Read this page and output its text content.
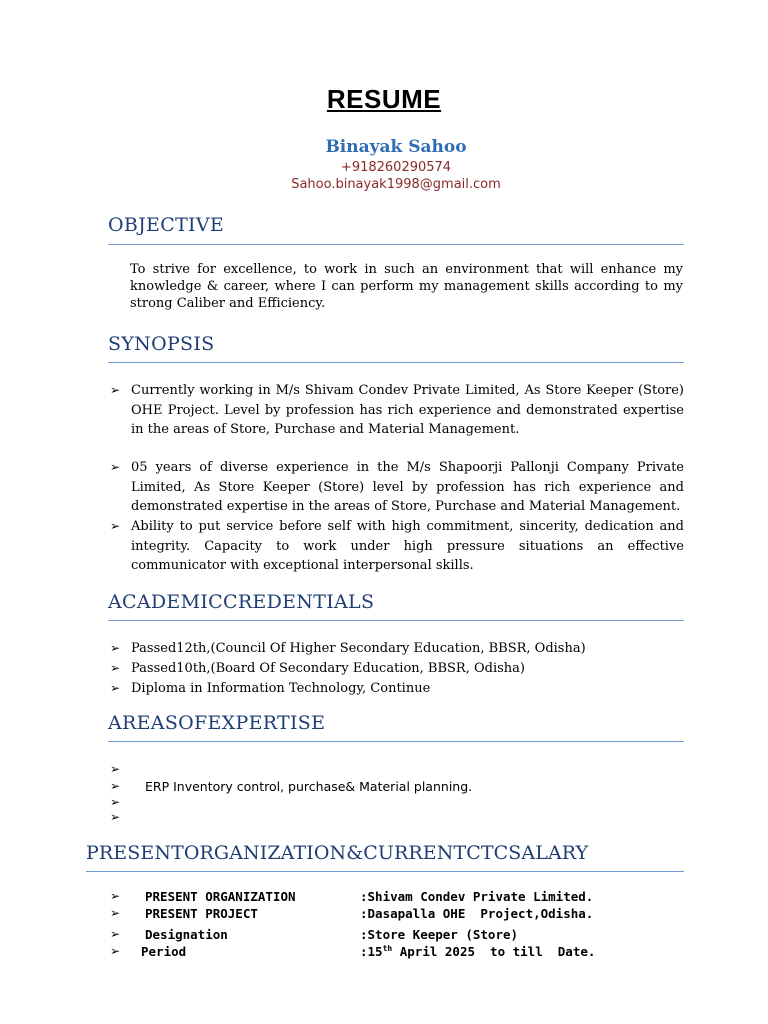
RESUME
Binayak Sahoo
+918260290574
Sahoo.binayak1998@gmail.com
OBJECTIVE
To strive for excellence, to work in such an environment that will enhance my knowledge & career, where I can perform my management skills according to my strong Caliber and Efficiency.
SYNOPSIS
➢ Currently working in M/s Shivam Condev Private Limited, As Store Keeper (Store) OHE Project. Level by profession has rich experience and demonstrated expertise in the areas of Store, Purchase and Material Management.
➢ 05 years of diverse experience in the M/s Shapoorji Pallonji Company Private Limited, As Store Keeper (Store) level by profession has rich experience and demonstrated expertise in the areas of Store, Purchase and Material Management.
➢ Ability to put service before self with high commitment, sincerity, dedication and integrity. Capacity to work under high pressure situations an effective communicator with exceptional interpersonal skills.
ACADEMICCREDENTIALS
➢ Passed12th,(Council Of Higher Secondary Education, BBSR, Odisha)
➢ Passed10th,(Board Of Secondary Education, BBSR, Odisha)
➢ Diploma in Information Technology, Continue
AREASOFEXPERTISE
➢
➢ ERP Inventory control, purchase& Material planning.
➢
➢
PRESENTORGANIZATION&CURRENTCTCSALARY
➢ PRESENT ORGANIZATION	:Shivam Condev Private Limited.
➢ PRESENT PROJECT	:Dasapalla OHE  Project,Odisha.
➢ Designation	:Store Keeper (Store)
➢ Period	:15th April 2025  to till  Date.
